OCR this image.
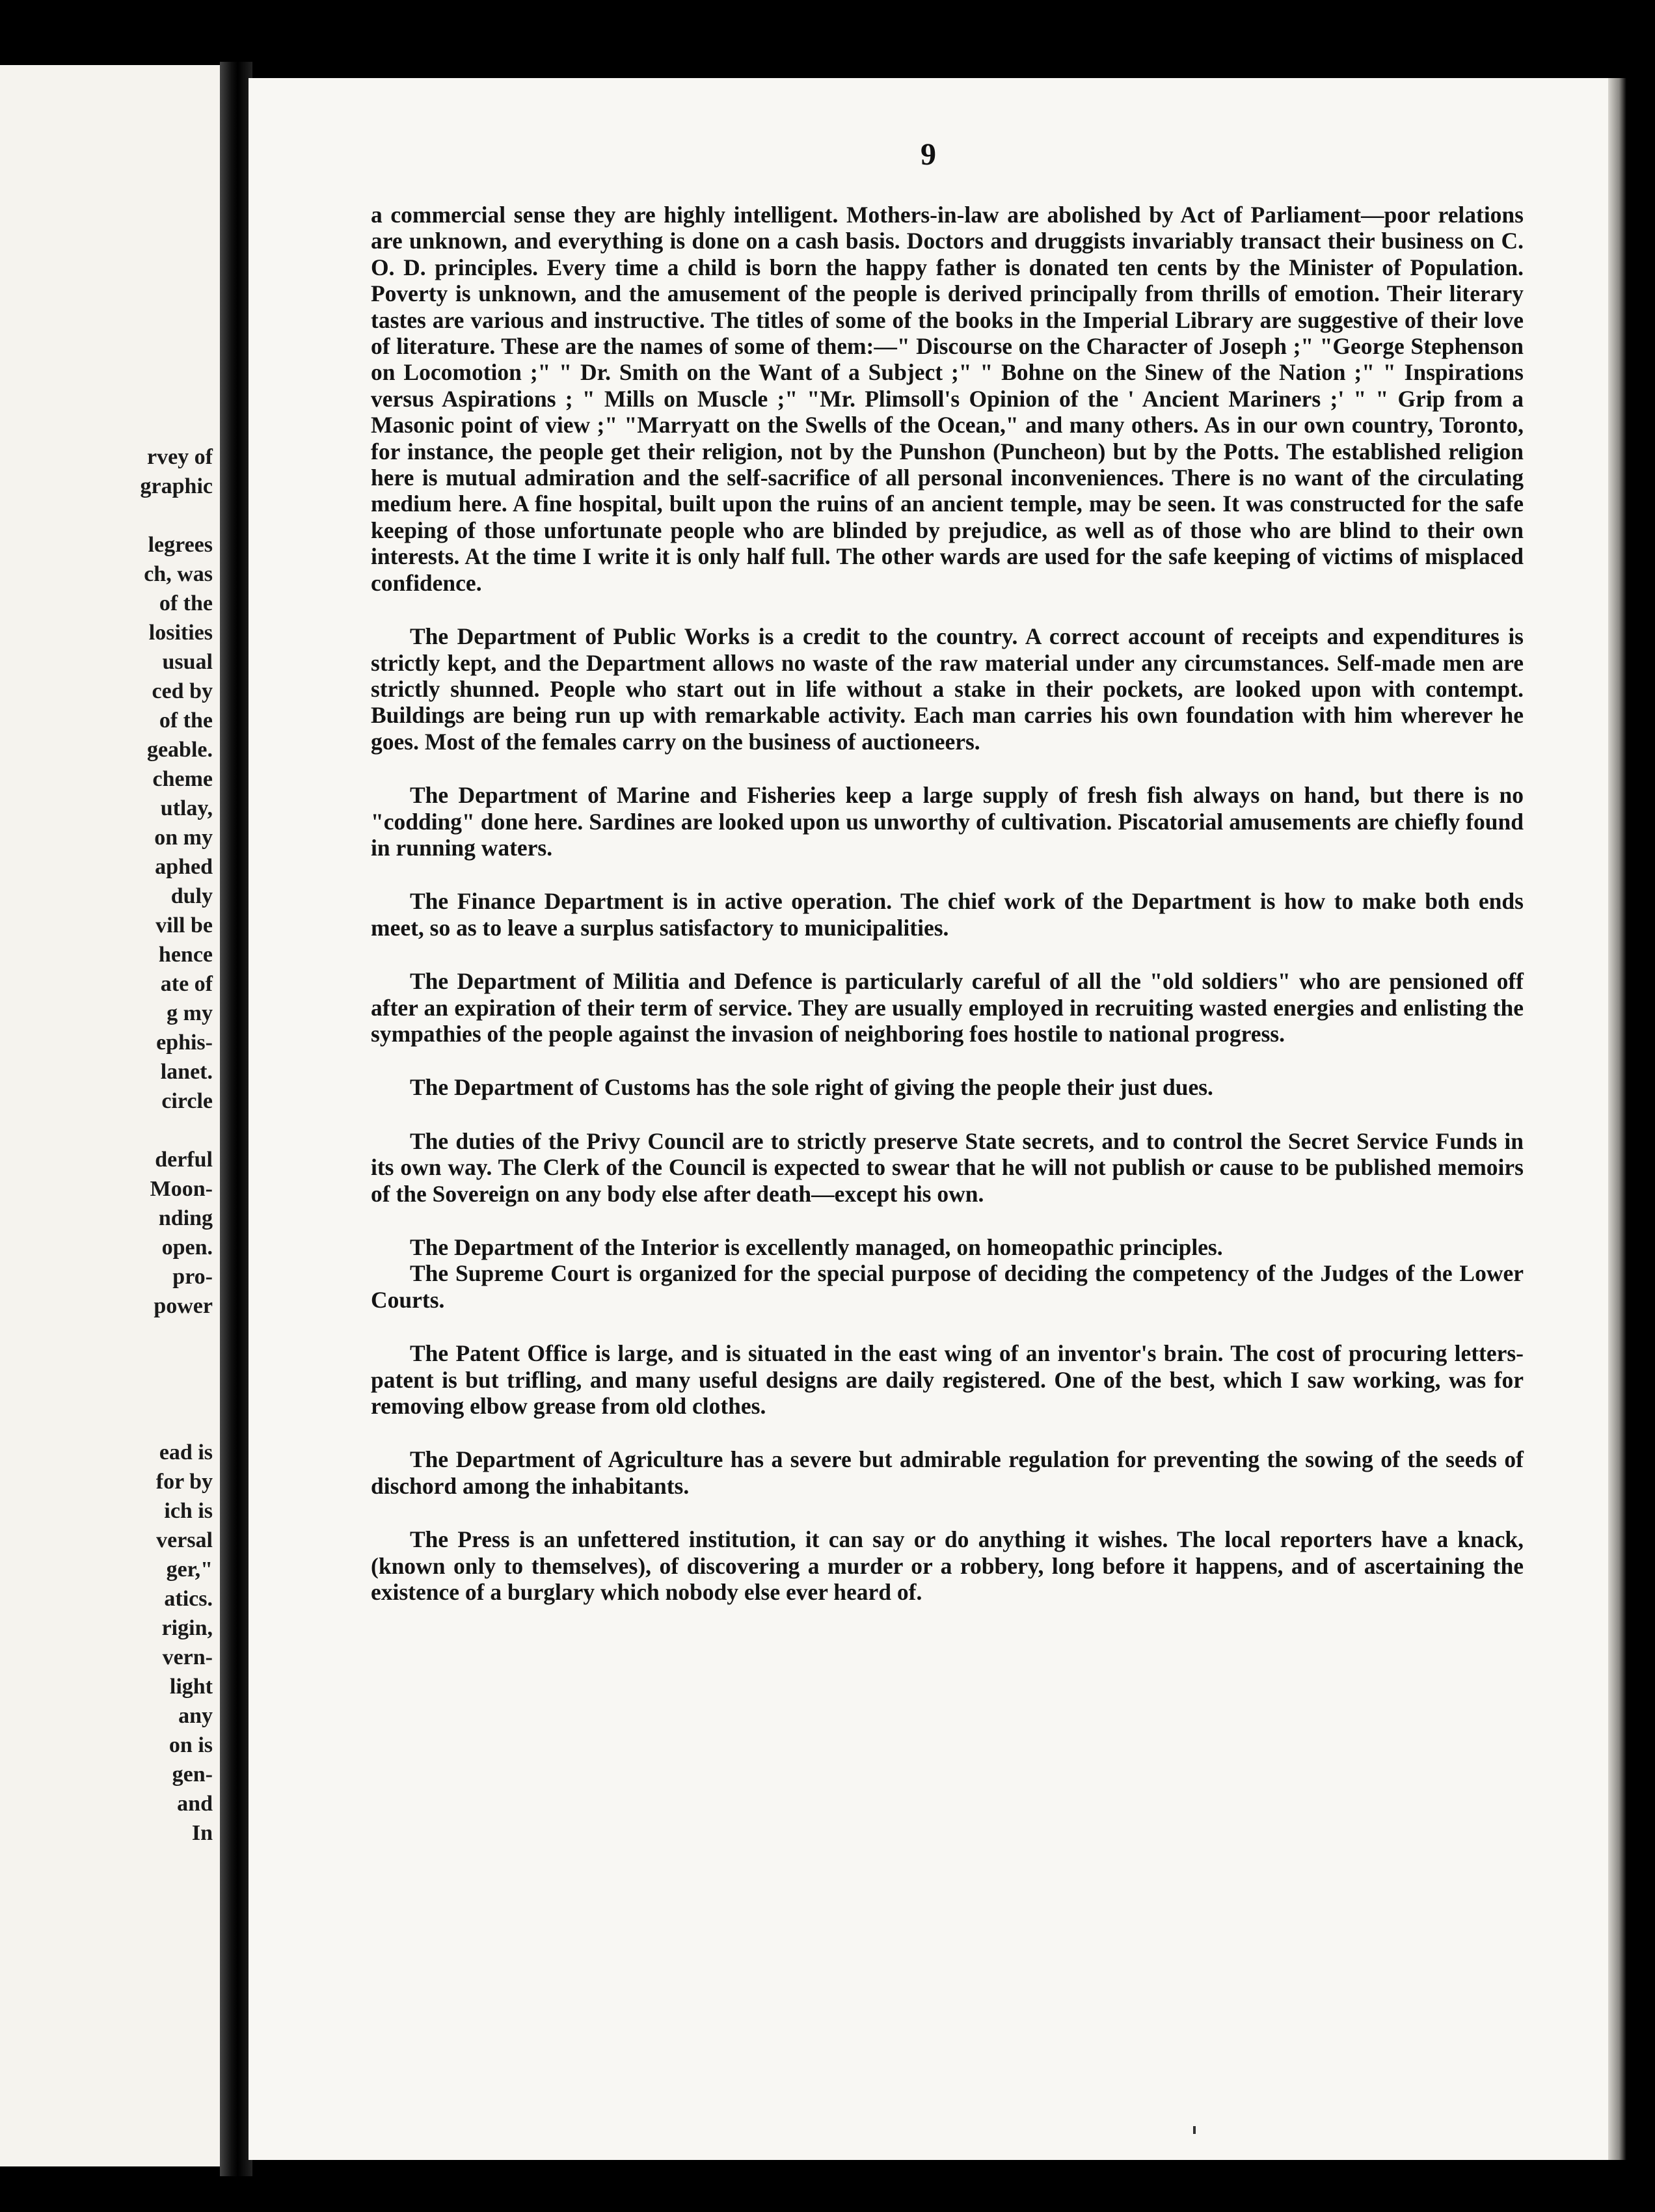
rvey of
graphic
legrees
ch, was
of the
losities
usual
ced by
of the
geable.
cheme
utlay,
on my
aphed
duly
vill be
hence
ate of
g my
ephis-
lanet.
circle
derful
Moon-
nding
open.
pro-
power
ead is
for by
ich is
versal
ger,"
atics.
rigin,
vern-
light
any
on is
gen-
and
In
9

a commercial sense they are highly intelligent. Mothers-in-law are abolished by Act of Parliament—poor relations are unknown, and everything is done on a cash basis. Doctors and druggists invariably transact their business on C. O. D. principles. Every time a child is born the happy father is donated ten cents by the Minister of Population. Poverty is unknown, and the amusement of the people is derived principally from thrills of emotion. Their literary tastes are various and instructive. The titles of some of the books in the Imperial Library are suggestive of their love of literature. These are the names of some of them:—" Discourse on the Character of Joseph ;" "George Stephenson on Locomotion ;" " Dr. Smith on the Want of a Subject ;" " Bohne on the Sinew of the Nation ;" " Inspirations versus Aspirations ; " Mills on Muscle ;" "Mr. Plimsoll's Opinion of the ' Ancient Mariners ;' " " Grip from a Masonic point of view ;" "Marryatt on the Swells of the Ocean," and many others. As in our own country, Toronto, for instance, the people get their religion, not by the Punshon (Puncheon) but by the Potts. The established religion here is mutual admiration and the self-sacrifice of all personal inconveniences. There is no want of the circulating medium here. A fine hospital, built upon the ruins of an ancient temple, may be seen. It was constructed for the safe keeping of those unfortunate people who are blinded by prejudice, as well as of those who are blind to their own interests. At the time I write it is only half full. The other wards are used for the safe keeping of victims of misplaced confidence.

The Department of Public Works is a credit to the country. A correct account of receipts and expenditures is strictly kept, and the Department allows no waste of the raw material under any circumstances. Self-made men are strictly shunned. People who start out in life without a stake in their pockets, are looked upon with contempt. Buildings are being run up with remarkable activity. Each man carries his own foundation with him wherever he goes. Most of the females carry on the business of auctioneers.

The Department of Marine and Fisheries keep a large supply of fresh fish always on hand, but there is no "codding" done here. Sardines are looked upon us unworthy of cultivation. Piscatorial amusements are chiefly found in running waters.

The Finance Department is in active operation. The chief work of the Department is how to make both ends meet, so as to leave a surplus satisfactory to municipalities.

The Department of Militia and Defence is particularly careful of all the "old soldiers" who are pensioned off after an expiration of their term of service. They are usually employed in recruiting wasted energies and enlisting the sympathies of the people against the invasion of neighboring foes hostile to national progress.

The Department of Customs has the sole right of giving the people their just dues.

The duties of the Privy Council are to strictly preserve State secrets, and to control the Secret Service Funds in its own way. The Clerk of the Council is expected to swear that he will not publish or cause to be published memoirs of the Sovereign on any body else after death—except his own.

The Department of the Interior is excellently managed, on homeopathic principles.

The Supreme Court is organized for the special purpose of deciding the competency of the Judges of the Lower Courts.

The Patent Office is large, and is situated in the east wing of an inventor's brain. The cost of procuring letters-patent is but trifling, and many useful designs are daily registered. One of the best, which I saw working, was for removing elbow grease from old clothes.

The Department of Agriculture has a severe but admirable regulation for preventing the sowing of the seeds of dischord among the inhabitants.

The Press is an unfettered institution, it can say or do anything it wishes. The local reporters have a knack, (known only to themselves), of discovering a murder or a robbery, long before it happens, and of ascertaining the existence of a burglary which nobody else ever heard of.
